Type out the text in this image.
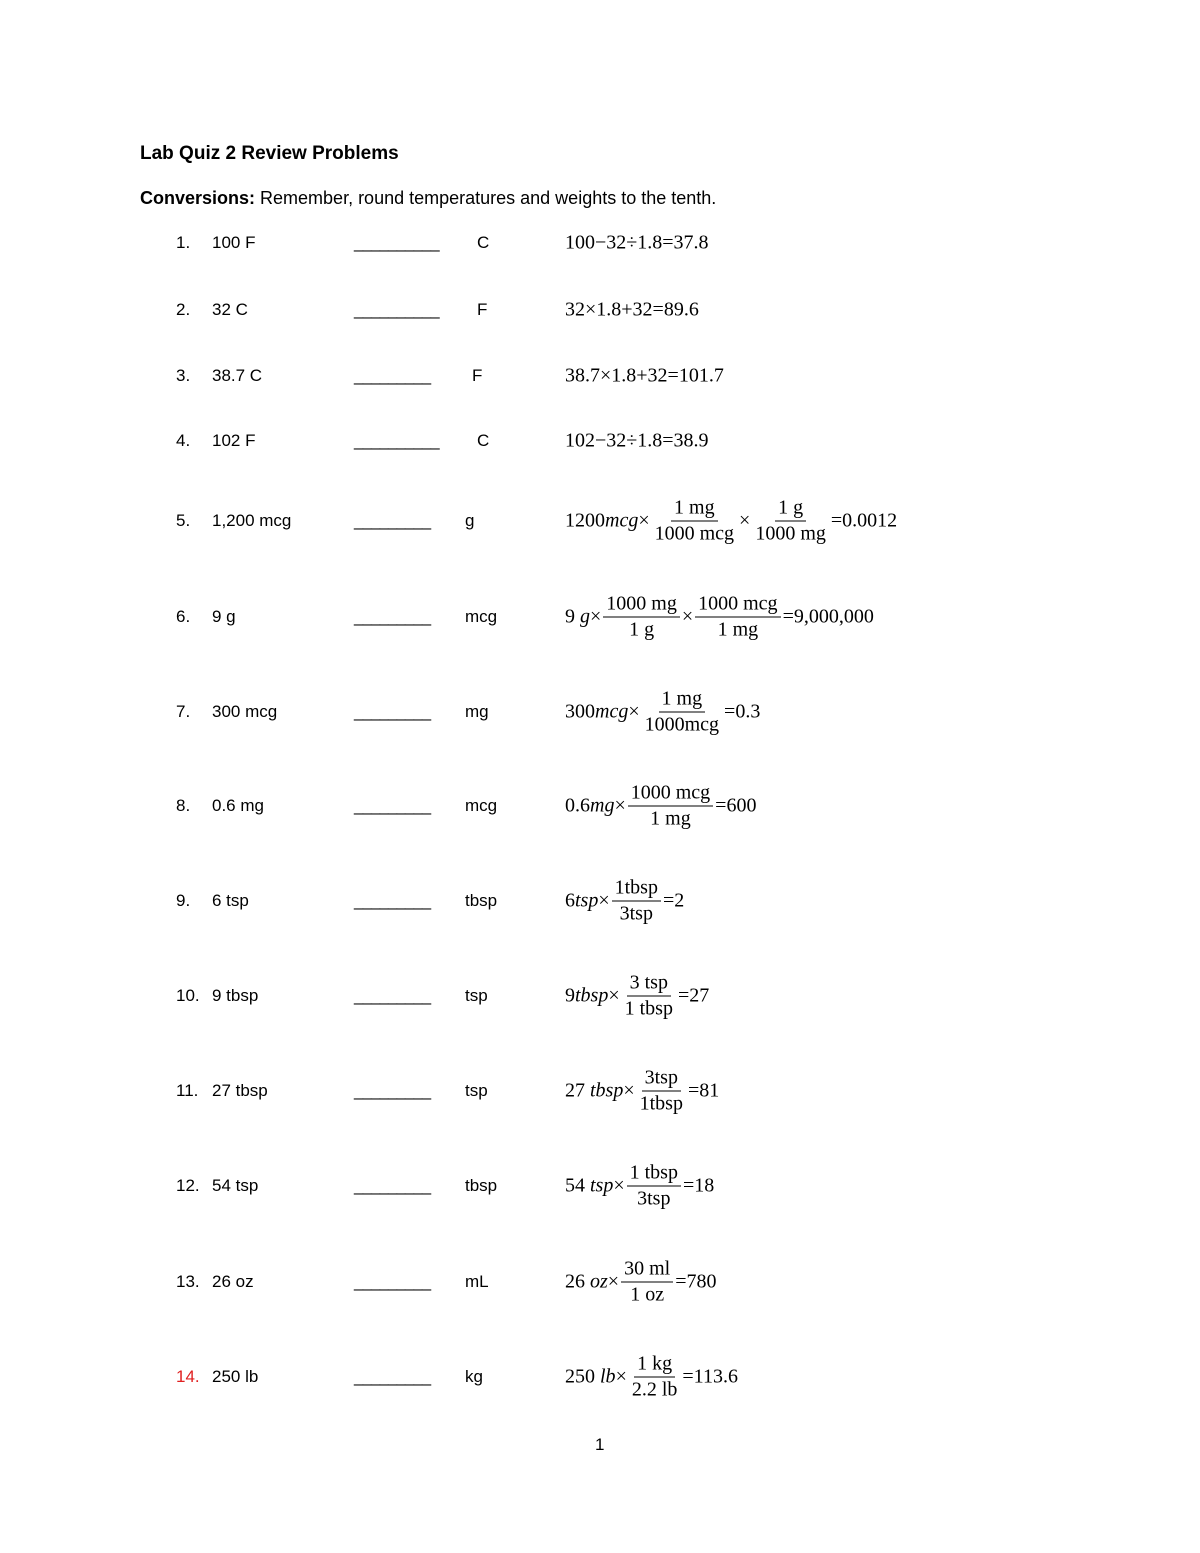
Lab Quiz 2 Review Problems
Conversions: Remember, round temperatures and weights to the tenth.
1. 100 F	__________ C	100−32÷1.8=37.8
2. 32 C	__________ F	32×1.8+32=89.6
3. 38.7 C	_________ F	38.7×1.8+32=101.7
4. 102 F	__________ C	102−32÷1.8=38.9
5. 1,200 mcg	_________ g	1200 mcg × $\frac{1 mg}{\text{1000 mcg}} \times \frac{1 g}{1000 mg} =0.0012$
6. 9 g	_________ mcg	9 $g \times \frac{1000 mg}{1 g} \times \frac{\text{1000 mcg}}{1 mg} =9,000,000$
7. 300 mcg	_________ mg	300 mcg × $\frac{1 mg}{\text{1000mcg}} =0.3$
8. 0.6 mg	_________ mcg	0.6 mg × $\frac{\text{1000 mcg}}{1 mg} =600$
9. 6 tsp	_________ tbsp	6 tsp × $\frac{\text{1tbsp}}{\text{3tsp}} =2$
10. 9 tbsp	_________ tsp	9 tbsp × $\frac{\text{3 tsp}}{\text{1 tbsp}} =27$
11. 27 tbsp	_________ tsp	27 tbsp × $\frac{\text{3tsp}}{\text{1tbsp}} =81$
12. 54 tsp	_________ tbsp	54 tsp × $\frac{\text{1 tbsp}}{\text{3tsp}} =18$
13. 26 oz	_________ mL	26 oz × $\frac{30 ml}{1 oz} =780$
14. 250 lb	_________ kg	250 lb × $\frac{1 kg}{2.2 lb} =113.6$
1
